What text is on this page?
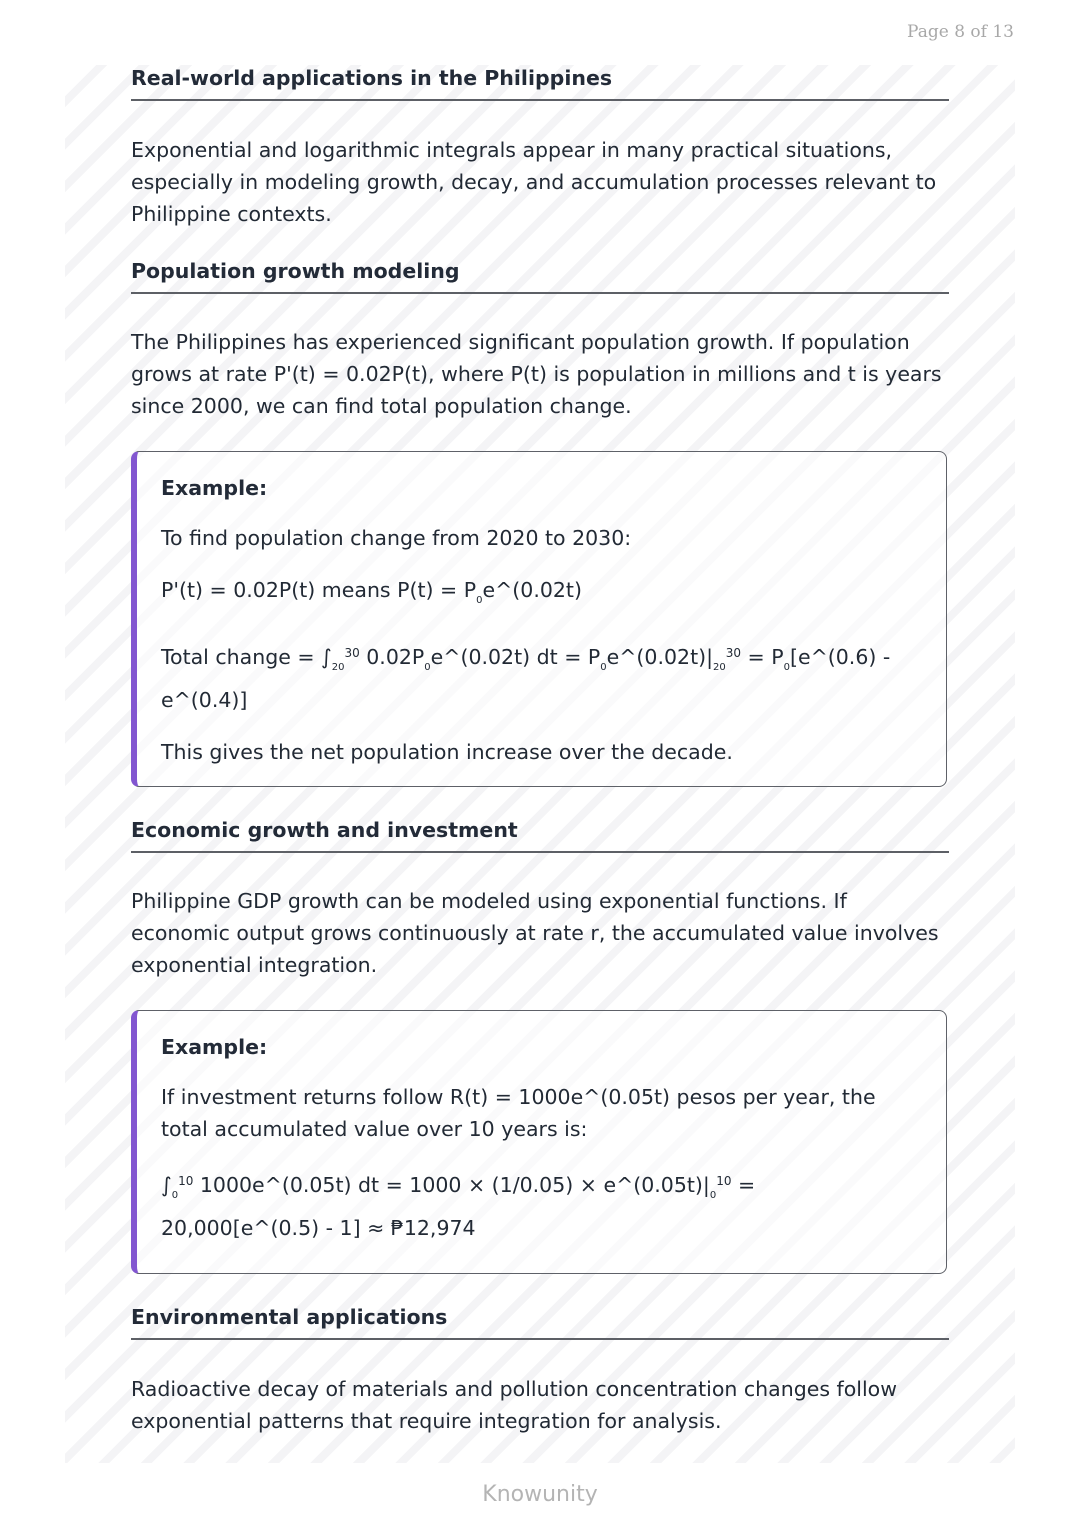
Page 8 of 13
Real-world applications in the Philippines

Exponential and logarithmic integrals appear in many practical situations, especially in modeling growth, decay, and accumulation processes relevant to Philippine contexts.

Population growth modeling

The Philippines has experienced significant population growth. If population grows at rate P'(t) = 0.02P(t), where P(t) is population in millions and t is years since 2000, we can find total population change.

Example:

To find population change from 2020 to 2030:

P'(t) = 0.02P(t) means $P(t) = P_0e\^{}(0.02t)$

Total change = $\int_{20}^{30}$ $0.02P_0e\^{}(0.02t)$ dt = $P_0e\^{}(0.02t)|_{20}^{30}$ = $P_0[e\^{}(0.6)$ - e^(0.4)]

This gives the net population increase over the decade.

Economic growth and investment

Philippine GDP growth can be modeled using exponential functions. If economic output grows continuously at rate r, the accumulated value involves exponential integration.

Example:

If investment returns follow R(t) = 1000e^(0.05t) pesos per year, the total accumulated value over 10 years is:

$\int_0^{10}$ 1000e^(0.05t) dt = $1000 \times (1/0.05) \times e\^{}(0.05t)|_0^{10}$ = 20,000[e^(0.5) - 1] ≈ ₱12,974

Environmental applications

Radioactive decay of materials and pollution concentration changes follow exponential patterns that require integration for analysis.

Knowunity
